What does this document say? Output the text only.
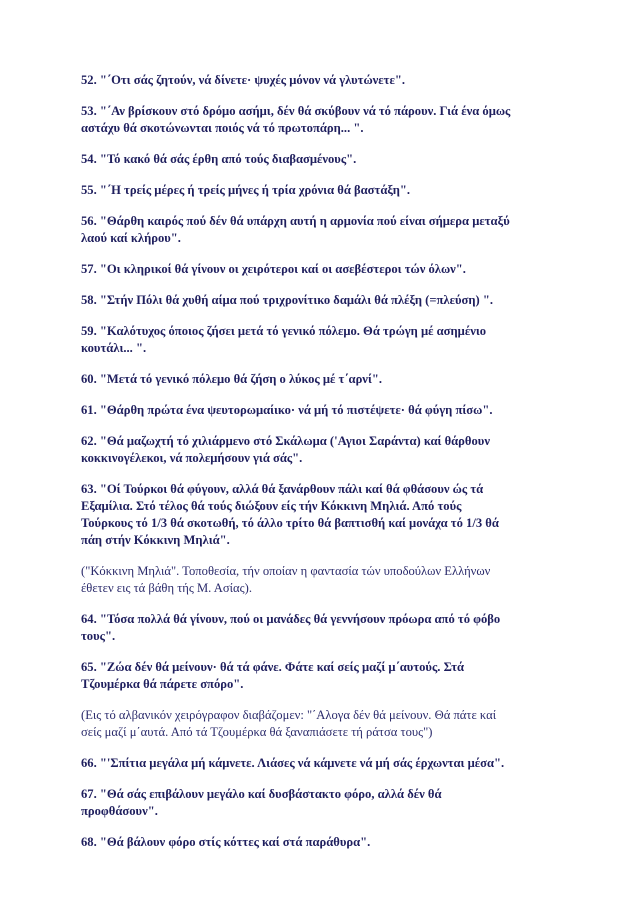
52. "΄Οτι σάς ζητούν, νά δίνετε· ψυχές μόνον νά γλυτώνετε".

53. "΄Αν βρίσκουν στό δρόμο ασήμι, δέν θά σκύβουν νά τό πάρουν. Γιά ένα όμως
αστάχυ θά σκοτώνωνται ποιός νά τό πρωτοπάρη... ".

54. "Τό κακό θά σάς έρθη από τούς διαβασμένους".

55. "΄Η τρείς μέρες ή τρείς μήνες ή τρία χρόνια θά βαστάξη".

56. "Θάρθη καιρός πού δέν θά υπάρχη αυτή η αρμονία πού είναι σήμερα μεταξύ
λαού καί κλήρου".

57. "Οι κληρικοί θά γίνουν οι χειρότεροι καί οι ασεβέστεροι τών όλων".

58. "Στήν Πόλι θά χυθή αίμα πού τριχρονίτικο δαμάλι θά πλέξη (=πλεύση) ".

59. "Καλότυχος όποιος ζήσει μετά τό γενικό πόλεμο. Θά τρώγη μέ ασημένιο
κουτάλι... ".

60. "Μετά τό γενικό πόλεμο θά ζήση ο λύκος μέ τ΄αρνί".

61. "Θάρθη πρώτα ένα ψευτορωμαίικο· νά μή τό πιστέψετε· θά φύγη πίσω".

62. "Θά μαζωχτή τό χιλιάρμενο στό Σκάλωμα ('Αγιοι Σαράντα) καί θάρθουν
κοκκινογέλεκοι, νά πολεμήσουν γιά σάς".

63. "Οί Τούρκοι θά φύγουν, αλλά θά ξανάρθουν πάλι καί θά φθάσουν ώς τά
Εξαμίλια. Στό τέλος θά τούς διώξουν είς τήν Κόκκινη Μηλιά. Από τούς
Τούρκους τό 1/3 θά σκοτωθή, τό άλλο τρίτο θά βαπτισθή καί μονάχα τό 1/3 θά
πάη στήν Κόκκινη Μηλιά".

("Κόκκινη Μηλιά". Τοποθεσία, τήν οποίαν η φαντασία τών υποδούλων Ελλήνων
έθετεν εις τά βάθη τής Μ. Ασίας).

64. "Τόσα πολλά θά γίνουν, πού οι μανάδες θά γεννήσουν πρόωρα από τό φόβο
τους".

65. "Ζώα δέν θά μείνουν· θά τά φάνε. Φάτε καί σείς μαζί μ΄αυτούς. Στά
Τζουμέρκα θά πάρετε σπόρο".

(Εις τό αλβανικόν χειρόγραφον διαβάζομεν: "΄Αλογα δέν θά μείνουν. Θά πάτε καί
σείς μαζί μ΄αυτά. Από τά Τζουμέρκα θά ξαναπιάσετε τή ράτσα τους")

66. "'Σπίτια μεγάλα μή κάμνετε. Λιάσες νά κάμνετε νά μή σάς έρχωνται μέσα".

67. "Θά σάς επιβάλουν μεγάλο καί δυσβάστακτο φόρο, αλλά δέν θά
προφθάσουν".

68. "Θά βάλουν φόρο στίς κόττες καί στά παράθυρα".
